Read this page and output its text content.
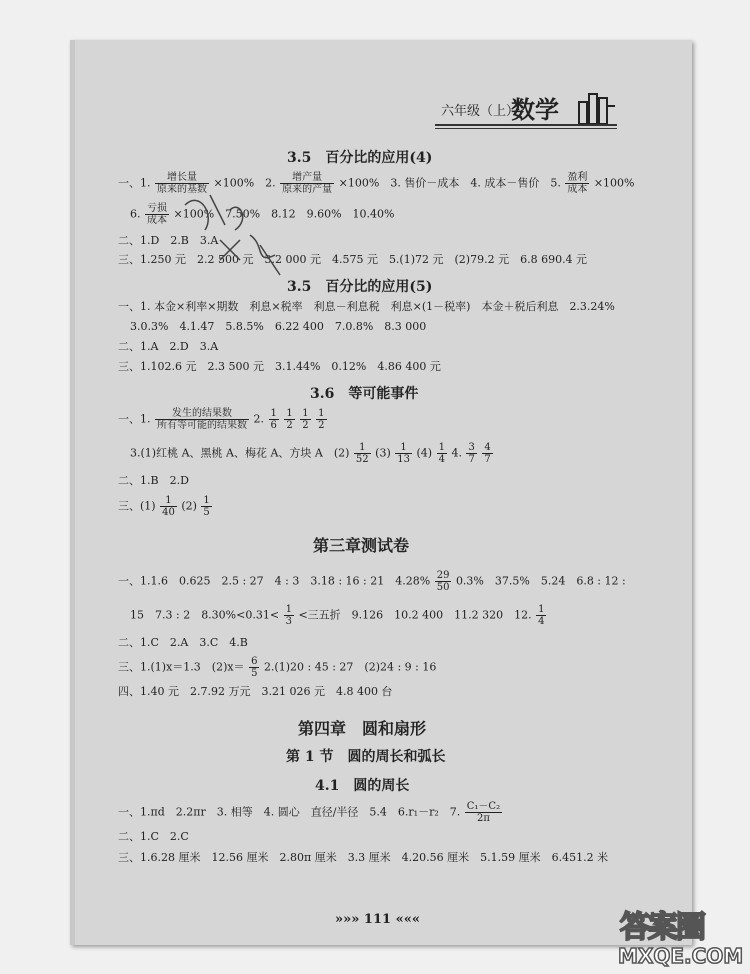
六年级（上）
数学
3.5　百分比的应用(4)
一、1. $\frac{\text{增长量}}{\text{原来的基数}} \times 100\%$　2. $\frac{\text{增产量}}{\text{原来的产量}} \times 100\%$　3. 售价－成本　4. 成本－售价　5. $\frac{\text{盈利}}{\text{成本}} \times 100\%$
6. $\frac{\text{亏损}}{\text{成本}} \times 100\%$　7.50%　8.12　9.60%　10.40%
二、1.D　2.B　3.A
三、1.250 元　2.2 500 元　3.2 000 元　4.575 元　5.(1)72 元　(2)79.2 元　6.8 690.4 元
3.5　百分比的应用(5)
一、1. 本金×利率×期数　利息×税率　利息－利息税　利息×(1－税率)　本金＋税后利息　2.3.24%
3.0.3%　4.1.47　5.8.5%　6.22 400　7.0.8%　8.3 000
二、1.A　2.D　3.A
三、1.102.6 元　2.3 500 元　3.1.44%　0.12%　4.86 400 元
3.6　等可能事件
一、1. $\frac{\text{发生的结果数}}{\text{所有等可能的结果数}} 2$. $\frac{1}{6}$
$\frac{1}{2}$
$\frac{1}{2}$
$\frac{1}{2}$
3.(1)红桃 A、黑桃 A、梅花 A、方块 A　$(2) \frac{1}{52} (3) \frac{1}{13} (4) \frac{1}{4} 4$. $\frac{3}{7}$
$\frac{4}{7}$
二、1.B　2.D
三、$(1) \frac{1}{40} (2) \frac{1}{5}$
第三章测试卷
一、1.1.6　0.625　2.5 : 27　4 : 3　3.18 : 16 : 21　$4.28\% \frac{29}{50} 0.3\%$　37.5%　5.24　6.8 : 12 :
15　7.3 : 2　$8.30\%<0.31< \frac{1}{3}$ <三五折　9.126　10.2 400　11.2 320　12. $\frac{1}{4}$
二、1.C　2.A　3.C　4.B
三、1.(1)x＝1.3　$(2)x= \frac{6}{5} 2.(1)20$ : 45 : 27　(2)24 : 9 : 16
四、1.40 元　2.7.92 万元　3.21 026 元　4.8 400 台
第四章　圆和扇形
第 1 节　圆的周长和弧长
4.1　圆的周长
一、1.πd　2.2πr　3. 相等　4. 圆心　直径/半径　5.4　6.r₁－r₂　7. $\frac{\text{C₁－C₂}}{2\pi}$
二、1.C　2.C
三、1.6.28 厘米　12.56 厘米　2.80π 厘米　3.3 厘米　4.20.56 厘米　5.1.59 厘米　6.451.2 米
»»» 111 «««	答案圈
MXQE.COM
